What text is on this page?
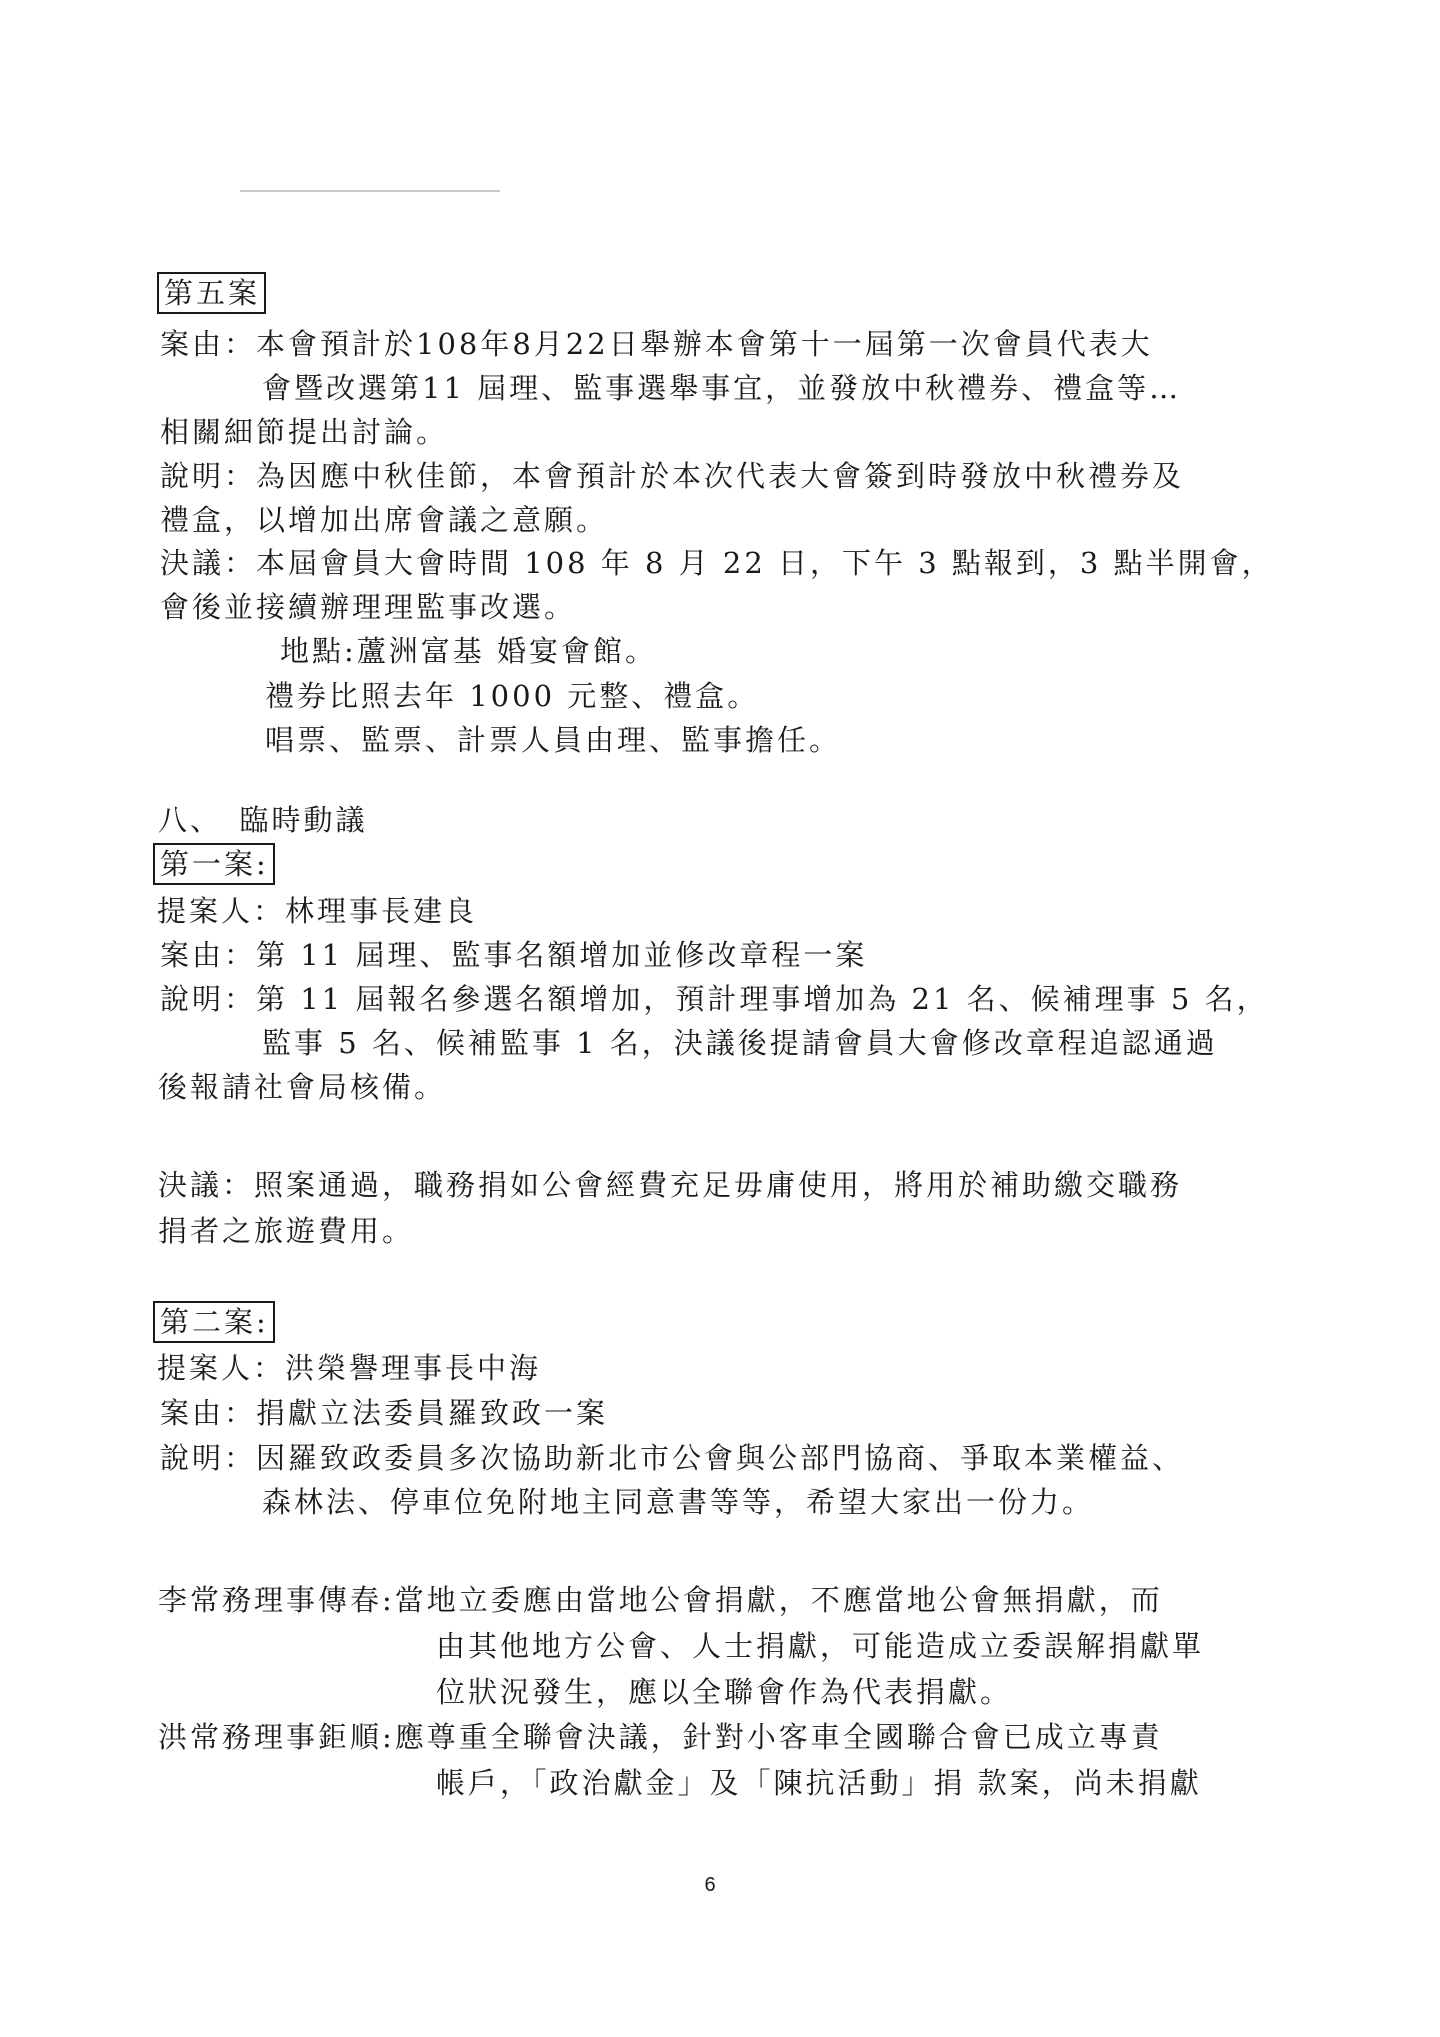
第五案
案由：本會預計於108年8月22日舉辦本會第十一屆第一次會員代表大
會暨改選第11 屆理、監事選舉事宜，並發放中秋禮券、禮盒等…
相關細節提出討論。
說明：為因應中秋佳節，本會預計於本次代表大會簽到時發放中秋禮券及
禮盒，以增加出席會議之意願。
決議：本屆會員大會時間 108 年 8 月 22 日，下午 3 點報到，3 點半開會，
會後並接續辦理理監事改選。
地點:蘆洲富基 婚宴會館。
禮券比照去年 1000 元整、禮盒。
唱票、監票、計票人員由理、監事擔任。
八、　臨時動議
第一案:
提案人：林理事長建良
案由：第 11 屆理、監事名額增加並修改章程一案
說明：第 11 屆報名參選名額增加，預計理事增加為 21 名、候補理事 5 名，
監事 5 名、候補監事 1 名，決議後提請會員大會修改章程追認通過
後報請社會局核備。
決議：照案通過，職務捐如公會經費充足毋庸使用，將用於補助繳交職務
捐者之旅遊費用。
第二案:
提案人：洪榮譽理事長中海
案由：捐獻立法委員羅致政一案
說明：因羅致政委員多次協助新北市公會與公部門協商、爭取本業權益、
森林法、停車位免附地主同意書等等，希望大家出一份力。
李常務理事傳春:當地立委應由當地公會捐獻，不應當地公會無捐獻，而
由其他地方公會、人士捐獻，可能造成立委誤解捐獻單
位狀況發生，應以全聯會作為代表捐獻。
洪常務理事鉅順:應尊重全聯會決議，針對小客車全國聯合會已成立專責
帳戶，「政治獻金」及「陳抗活動」捐 款案，尚未捐獻
6
